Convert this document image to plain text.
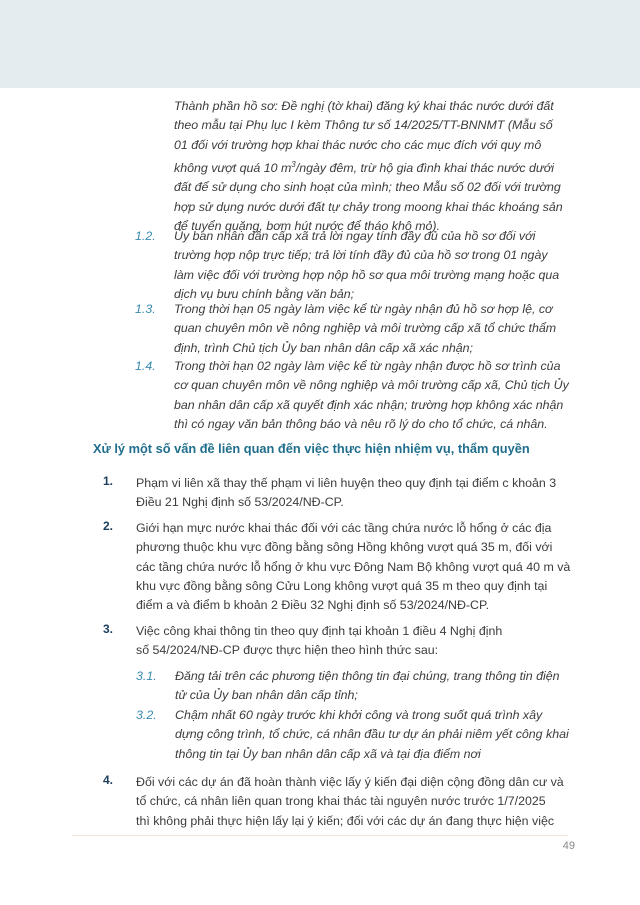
Thành phần hồ sơ: Đề nghị (tờ khai) đăng ký khai thác nước dưới đất
theo mẫu tại Phụ lục I kèm Thông tư số 14/2025/TT-BNNMT (Mẫu số
01 đối với trường hợp khai thác nước cho các mục đích với quy mô
không vượt quá 10 $m^3$/ngày đêm, trừ hộ gia đình khai thác nước dưới
đất để sử dụng cho sinh hoạt của mình; theo Mẫu số 02 đối với trường
hợp sử dụng nước dưới đất tự chảy trong moong khai thác khoáng sản
để tuyển quặng, bơm hút nước để tháo khô mỏ).
1.2. Ủy ban nhân dân cấp xã trả lời ngay tính đầy đủ của hồ sơ đối với
trường hợp nộp trực tiếp; trả lời tính đầy đủ của hồ sơ trong 01 ngày
làm việc đối với trường hợp nộp hồ sơ qua môi trường mạng hoặc qua
dịch vụ bưu chính bằng văn bản;
1.3. Trong thời hạn 05 ngày làm việc kể từ ngày nhận đủ hồ sơ hợp lệ, cơ
quan chuyên môn về nông nghiệp và môi trường cấp xã tổ chức thẩm
định, trình Chủ tịch Ủy ban nhân dân cấp xã xác nhận;
1.4. Trong thời hạn 02 ngày làm việc kể từ ngày nhận được hồ sơ trình của
cơ quan chuyên môn về nông nghiệp và môi trường cấp xã, Chủ tịch Ủy
ban nhân dân cấp xã quyết định xác nhận; trường hợp không xác nhận
thì có ngay văn bản thông báo và nêu rõ lý do cho tổ chức, cá nhân.
Xử lý một số vấn đề liên quan đến việc thực hiện nhiệm vụ, thẩm quyền
1. Phạm vi liên xã thay thế phạm vi liên huyện theo quy định tại điểm c khoản 3
Điều 21 Nghị định số 53/2024/NĐ-CP.
2. Giới hạn mực nước khai thác đối với các tầng chứa nước lỗ hổng ở các địa
phương thuộc khu vực đồng bằng sông Hồng không vượt quá 35 m, đối với
các tầng chứa nước lỗ hổng ở khu vực Đông Nam Bộ không vượt quá 40 m và
khu vực đồng bằng sông Cửu Long không vượt quá 35 m theo quy định tại
điểm a và điểm b khoản 2 Điều 32 Nghị định số 53/2024/NĐ-CP.
3. Việc công khai thông tin theo quy định tại khoản 1 điều 4 Nghị định
số 54/2024/NĐ-CP được thực hiện theo hình thức sau:
3.1. Đăng tải trên các phương tiện thông tin đại chúng, trang thông tin điện
tử của Ủy ban nhân dân cấp tỉnh;
3.2. Chậm nhất 60 ngày trước khi khởi công và trong suốt quá trình xây
dựng công trình, tổ chức, cá nhân đầu tư dự án phải niêm yết công khai
thông tin tại Ủy ban nhân dân cấp xã và tại địa điểm nơi
4. Đối với các dự án đã hoàn thành việc lấy ý kiến đại diện cộng đồng dân cư và
tổ chức, cá nhân liên quan trong khai thác tài nguyên nước trước 1/7/2025
thì không phải thực hiện lấy lại ý kiến; đối với các dự án đang thực hiện việc
49
